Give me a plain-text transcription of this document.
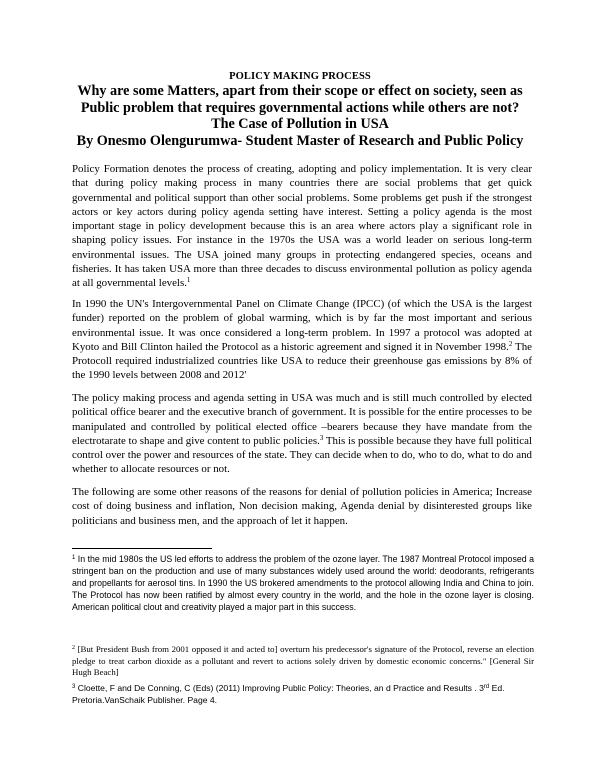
POLICY MAKING PROCESS
Why are some Matters, apart from their scope or effect on society, seen as
Public problem that requires governmental actions while others are not?
The Case of Pollution in USA
By Onesmo Olengurumwa- Student Master of Research and Public Policy
Policy Formation denotes the process of creating, adopting and policy implementation. It is very clear that during policy making process in many countries there are social problems that get quick governmental and political support than other social problems. Some problems get push if the strongest actors or key actors during policy agenda setting have interest. Setting a policy agenda is the most important stage in policy development because this is an area where actors play a significant role in shaping policy issues. For instance in the 1970s the USA was a world leader on serious long-term environmental issues. The USA joined many groups in protecting endangered species, oceans and fisheries. It has taken USA more than three decades to discuss environmental pollution as policy agenda at all governmental levels.$^1$
In 1990 the UN's Intergovernmental Panel on Climate Change (IPCC) (of which the USA is the largest funder) reported on the problem of global warming, which is by far the most important and serious environmental issue. It was once considered a long-term problem. In 1997 a protocol was adopted at Kyoto and Bill Clinton hailed the Protocol as a historic agreement and signed it in November 1998.$^2$ The Protocoll required industrialized countries like USA to reduce their greenhouse gas emissions by 8% of the 1990 levels between 2008 and 2012'
The policy making process and agenda setting in USA was much and is still much controlled by elected political office bearer and the executive branch of government. It is possible for the entire processes to be manipulated and controlled by political elected office –bearers because they have mandate from the electrotarate to shape and give content to public policies.$^3$ This is possible because they have full political control over the power and resources of the state. They can decide when to do, who to do, what to do and whether to allocate resources or not.
The following are some other reasons of the reasons for denial of pollution policies in America; Increase cost of doing business and inflation, Non decision making, Agenda denial by disinterested groups like politicians and business men, and the approach of let it happen.
$^1$ In the mid 1980s the US led efforts to address the problem of the ozone layer. The 1987 Montreal Protocol imposed a stringent ban on the production and use of many substances widely used around the world: deodorants, refrigerants and propellants for aerosol tins. In 1990 the US brokered amendments to the protocol allowing India and China to join. The Protocol has now been ratified by almost every country in the world, and the hole in the ozone layer is closing. American political clout and creativity played a major part in this success.
$^2$ [But President Bush from 2001 opposed it and acted to] overturn his predecessor's signature of the Protocol, reverse an election pledge to treat carbon dioxide as a pollutant and revert to actions solely driven by domestic economic concerns." [General Sir Hugh Beach]
$^3$ Cloette, F and De Conning, C (Eds) (2011) Improving Public Policy: Theories, an d Practice and Results . 3rd Ed.
Pretoria.VanSchaik Publisher. Page 4.
